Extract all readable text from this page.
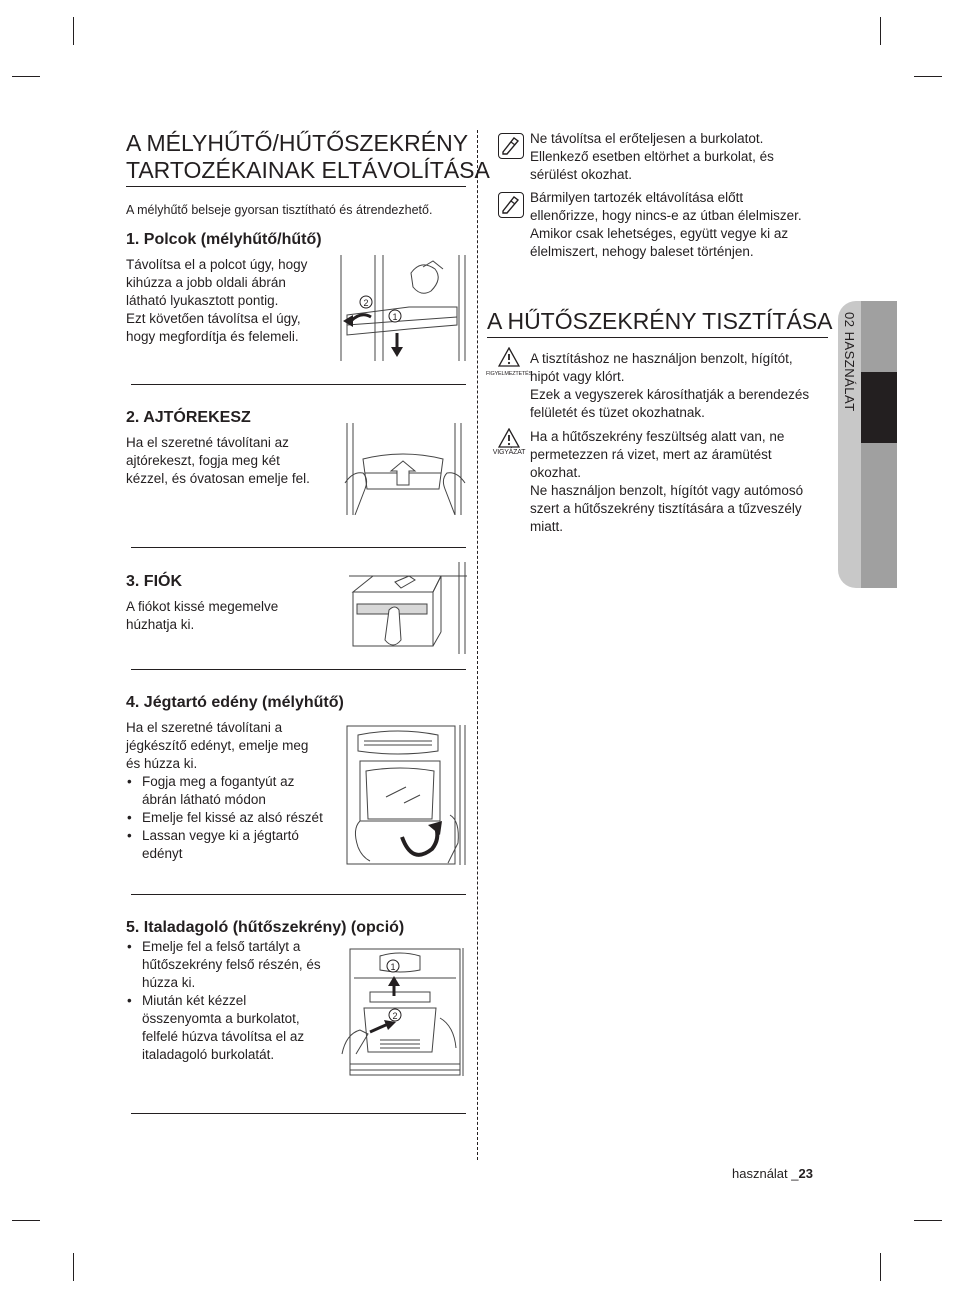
A MÉLYHŰTŐ/HŰTŐSZEKRÉNY
TARTOZÉKAINAK ELTÁVOLÍTÁSA
A mélyhűtő belseje gyorsan tisztítható és átrendezhető.
1. Polcok (mélyhűtő/hűtő)

Távolítsa el a polcot úgy, hogy

kihúzza a jobb oldali ábrán

látható lyukasztott pontig.

Ezt követően távolítsa el úgy,

hogy megfordítja és felemeli.

2
1
2. AJTÓREKESZ

Ha el szeretné távolítani az

ajtórekeszt, fogja meg két

kézzel, és óvatosan emelje fel.

3. FIÓK

A fiókot kissé megemelve

húzhatja ki.

4. Jégtartó edény (mélyhűtő)

Ha el szeretné távolítani a

jégkészítő edényt, emelje meg

és húzza ki.

• Fogja meg a fogantyút az
ábrán látható módon
• Emelje fel kissé az alsó részét
• Lassan vegye ki a jégtartó
edényt
5. Italadagoló (hűtőszekrény) (opció)
• Emelje fel a felső tartályt a
hűtőszekrény felső részén, és
húzza ki.
• Miután két kézzel
összenyomta a burkolatot,
felfelé húzva távolítsa el az
italadagoló burkolatát.
1
2

Ne távolítsa el erőteljesen a burkolatot.

Ellenkező esetben eltörhet a burkolat, és

sérülést okozhat.

Bármilyen tartozék eltávolítása előtt

ellenőrizze, hogy nincs-e az útban élelmiszer.

Amikor csak lehetséges, együtt vegye ki az

élelmiszert, nehogy baleset történjen.

A HŰTŐSZEKRÉNY TISZTÍTÁSA
FIGYELMEZTETÉS

A tisztításhoz ne használjon benzolt, hígítót,

hipót vagy klórt.

Ezek a vegyszerek károsíthatják a berendezés

felületét és tüzet okozhatnak.

VIGYÁZAT

Ha a hűtőszekrény feszültség alatt van, ne

permetezzen rá vizet, mert az áramütést

okozhat.

Ne használjon benzolt, hígítót vagy autómosó

szert a hűtőszekrény tisztítására a tűzveszély

miatt.

02 HASZNÁLAT
használat _23
